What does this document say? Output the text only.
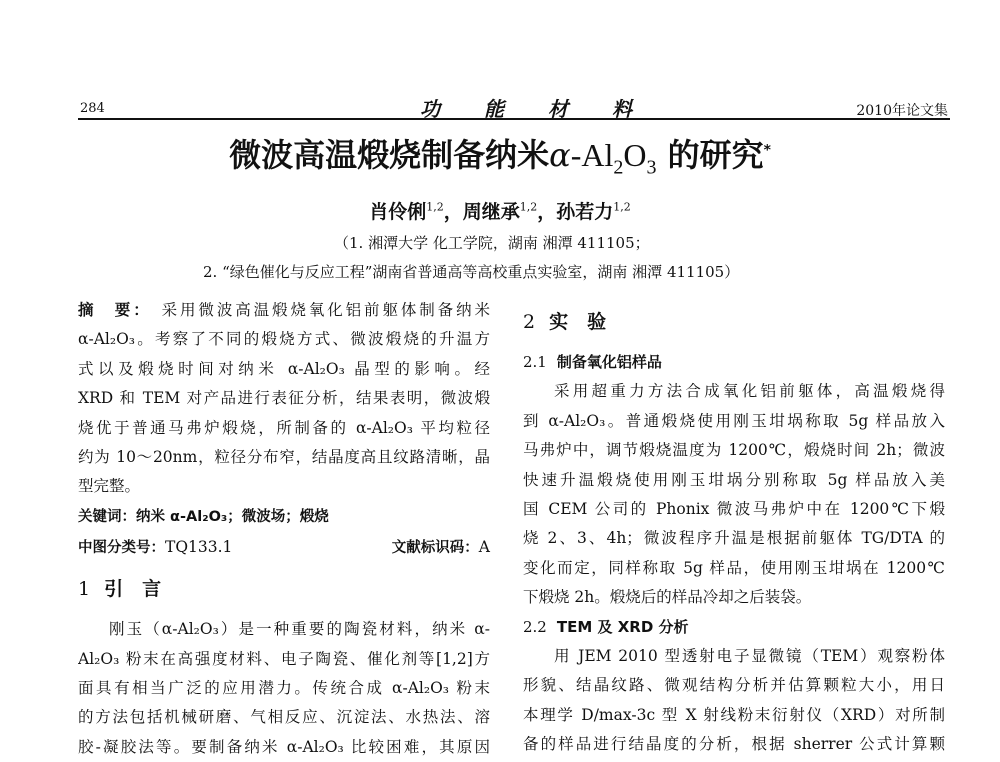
284	功能材料	2010年论文集
微波高温煅烧制备纳米$\alpha-Al_2O_3$ 的研究*
肖伶俐$^{1,2}$，周继承$^{1,2}$，孙若力$^{1,2}$
（1. 湘潭大学 化工学院，湖南 湘潭 411105；
2. “绿色催化与反应工程”湖南省普通高等高校重点实验室，湖南 湘潭 411105）
摘　要： 采用微波高温煅烧氧化铝前躯体制备纳米
α-Al₂O₃。考察了不同的煅烧方式、微波煅烧的升温方
式以及煅烧时间对纳米 α-Al₂O₃ 晶型的影响。经
XRD 和 TEM 对产品进行表征分析，结果表明，微波煅
烧优于普通马弗炉煅烧，所制备的 α-Al₂O₃ 平均粒径
约为 10～20nm，粒径分布窄，结晶度高且纹路清晰，晶
型完整。
关键词：纳米 α-Al₂O₃；微波场；煅烧
中图分类号：TQ133.1	文献标识码：A
1 引　言
刚玉（α-Al₂O₃）是一种重要的陶瓷材料，纳米 α-
Al₂O₃ 粉末在高强度材料、电子陶瓷、催化剂等[1,2]方
面具有相当广泛的应用潜力。传统合成 α-Al₂O₃ 粉末
的方法包括机械研磨、气相反应、沉淀法、水热法、溶
胶-凝胶法等。要制备纳米 α-Al₂O₃ 比较困难，其原因
2 实　验
2.1 制备氧化铝样品
采用超重力方法合成氧化铝前躯体，高温煅烧得
到 α-Al₂O₃。普通煅烧使用刚玉坩埚称取 5g 样品放入
马弗炉中，调节煅烧温度为 1200℃，煅烧时间 2h；微波
快速升温煅烧使用刚玉坩埚分别称取 5g 样品放入美
国 CEM 公司的 Phonix 微波马弗炉中在 1200℃下煅
烧 2、3、4h；微波程序升温是根据前躯体 TG/DTA 的
变化而定，同样称取 5g 样品，使用刚玉坩埚在 1200℃
下煅烧 2h。煅烧后的样品冷却之后装袋。
2.2 TEM 及 XRD 分析
用 JEM 2010 型透射电子显微镜（TEM）观察粉体
形貌、结晶纹路、微观结构分析并估算颗粒大小，用日
本理学 D/max-3c 型 X 射线粉末衍射仪（XRD）对所制
备的样品进行结晶度的分析，根据 sherrer 公式计算颗
